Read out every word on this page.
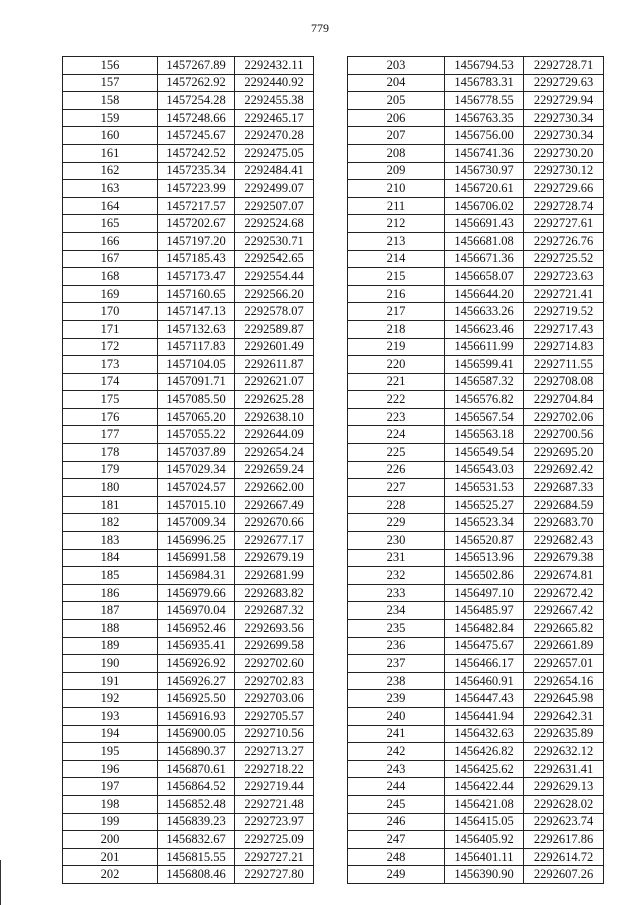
779
156	1457267.89	2292432.11
157	1457262.92	2292440.92
158	1457254.28	2292455.38
159	1457248.66	2292465.17
160	1457245.67	2292470.28
161	1457242.52	2292475.05
162	1457235.34	2292484.41
163	1457223.99	2292499.07
164	1457217.57	2292507.07
165	1457202.67	2292524.68
166	1457197.20	2292530.71
167	1457185.43	2292542.65
168	1457173.47	2292554.44
169	1457160.65	2292566.20
170	1457147.13	2292578.07
171	1457132.63	2292589.87
172	1457117.83	2292601.49
173	1457104.05	2292611.87
174	1457091.71	2292621.07
175	1457085.50	2292625.28
176	1457065.20	2292638.10
177	1457055.22	2292644.09
178	1457037.89	2292654.24
179	1457029.34	2292659.24
180	1457024.57	2292662.00
181	1457015.10	2292667.49
182	1457009.34	2292670.66
183	1456996.25	2292677.17
184	1456991.58	2292679.19
185	1456984.31	2292681.99
186	1456979.66	2292683.82
187	1456970.04	2292687.32
188	1456952.46	2292693.56
189	1456935.41	2292699.58
190	1456926.92	2292702.60
191	1456926.27	2292702.83
192	1456925.50	2292703.06
193	1456916.93	2292705.57
194	1456900.05	2292710.56
195	1456890.37	2292713.27
196	1456870.61	2292718.22
197	1456864.52	2292719.44
198	1456852.48	2292721.48
199	1456839.23	2292723.97
200	1456832.67	2292725.09
201	1456815.55	2292727.21
202	1456808.46	2292727.80
203	1456794.53	2292728.71
204	1456783.31	2292729.63
205	1456778.55	2292729.94
206	1456763.35	2292730.34
207	1456756.00	2292730.34
208	1456741.36	2292730.20
209	1456730.97	2292730.12
210	1456720.61	2292729.66
211	1456706.02	2292728.74
212	1456691.43	2292727.61
213	1456681.08	2292726.76
214	1456671.36	2292725.52
215	1456658.07	2292723.63
216	1456644.20	2292721.41
217	1456633.26	2292719.52
218	1456623.46	2292717.43
219	1456611.99	2292714.83
220	1456599.41	2292711.55
221	1456587.32	2292708.08
222	1456576.82	2292704.84
223	1456567.54	2292702.06
224	1456563.18	2292700.56
225	1456549.54	2292695.20
226	1456543.03	2292692.42
227	1456531.53	2292687.33
228	1456525.27	2292684.59
229	1456523.34	2292683.70
230	1456520.87	2292682.43
231	1456513.96	2292679.38
232	1456502.86	2292674.81
233	1456497.10	2292672.42
234	1456485.97	2292667.42
235	1456482.84	2292665.82
236	1456475.67	2292661.89
237	1456466.17	2292657.01
238	1456460.91	2292654.16
239	1456447.43	2292645.98
240	1456441.94	2292642.31
241	1456432.63	2292635.89
242	1456426.82	2292632.12
243	1456425.62	2292631.41
244	1456422.44	2292629.13
245	1456421.08	2292628.02
246	1456415.05	2292623.74
247	1456405.92	2292617.86
248	1456401.11	2292614.72
249	1456390.90	2292607.26
